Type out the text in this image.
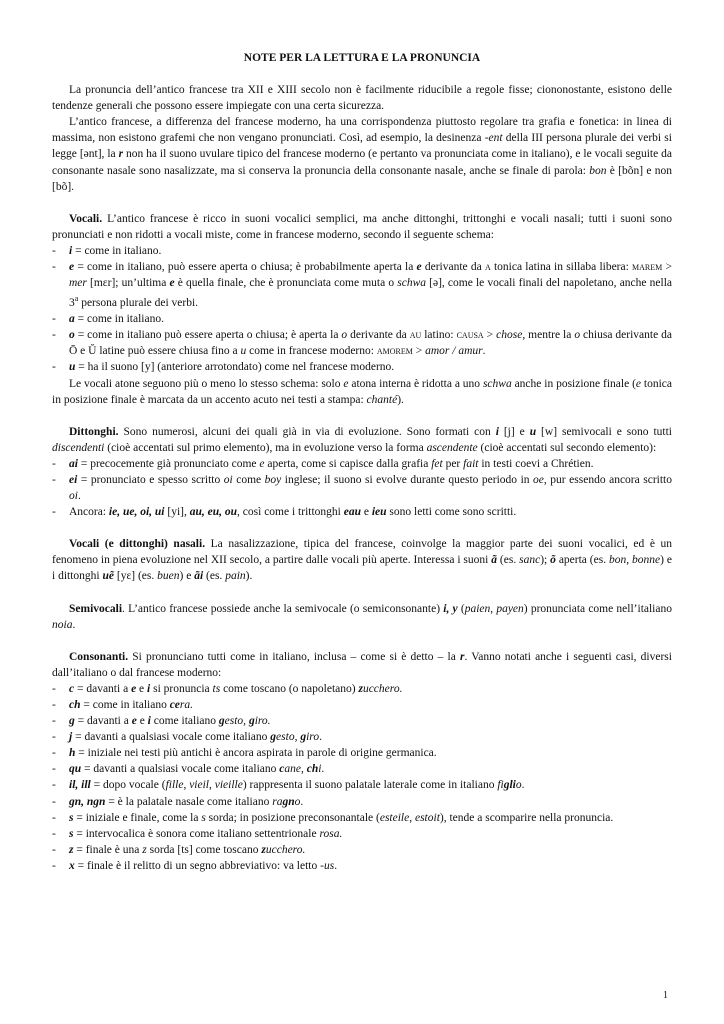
NOTE PER LA LETTURA E LA PRONUNCIA

La pronuncia dell’antico francese tra XII e XIII secolo non è facilmente riducibile a regole fisse; ciononostante, esistono delle tendenze generali che possono essere impiegate con una certa sicurezza.

L’antico francese, a differenza del francese moderno, ha una corrispondenza piuttosto regolare tra grafia e fonetica: in linea di massima, non esistono grafemi che non vengano pronunciati. Così, ad esempio, la desinenza -ent della III persona plurale dei verbi si legge [ənt], la r non ha il suono uvulare tipico del francese moderno (e pertanto va pronunciata come in italiano), e le vocali seguite da consonante nasale sono nasalizzate, ma si conserva la pronuncia della consonante nasale, anche se finale di parola: bon è [bõn] e non [bõ].

Vocali. L’antico francese è ricco in suoni vocalici semplici, ma anche dittonghi, trittonghi e vocali nasali; tutti i suoni sono pronunciati e non ridotti a vocali miste, come in francese moderno, secondo il seguente schema:

- i = come in italiano.
- e = come in italiano, può essere aperta o chiusa; è probabilmente aperta la e derivante da a tonica latina in sillaba libera: marem > mer [mɛr]; un’ultima e è quella finale, che è pronunciata come muta o schwa [ə], come le vocali finali del napoletano, anche nella 3$^a$ persona plurale dei verbi.
- a = come in italiano.
- o = come in italiano può essere aperta o chiusa; è aperta la o derivante da au latino: causa > chose, mentre la o chiusa derivante da Ō e Ŭ latine può essere chiusa fino a u come in francese moderno: amorem > amor / amur.
- u = ha il suono [y] (anteriore arrotondato) come nel francese moderno.

Le vocali atone seguono più o meno lo stesso schema: solo e atona interna è ridotta a uno schwa anche in posizione finale (e tonica in posizione finale è marcata da un accento acuto nei testi a stampa: chanté).

Dittonghi. Sono numerosi, alcuni dei quali già in via di evoluzione. Sono formati con i [j] e u [w] semivocali e sono tutti discendenti (cioè accentati sul primo elemento), ma in evoluzione verso la forma ascendente (cioè accentati sul secondo elemento):

- ai = precocemente già pronunciato come e aperta, come si capisce dalla grafia fet per fait in testi coevi a Chrétien.
- ei = pronunciato e spesso scritto oi come boy inglese; il suono si evolve durante questo periodo in oe, pur essendo ancora scritto oi.
- Ancora: ie, ue, oi, ui [yi], au, eu, ou, così come i trittonghi eau e ieu sono letti come sono scritti.

Vocali (e dittonghi) nasali. La nasalizzazione, tipica del francese, coinvolge la maggior parte dei suoni vocalici, ed è un fenomeno in piena evoluzione nel XII secolo, a partire dalle vocali più aperte. Interessa i suoni ã (es. sanc); õ aperta (es. bon, bonne) e i dittonghi uẽ [yɛ] (es. buen) e ãi (es. pain).

Semivocali. L’antico francese possiede anche la semivocale (o semiconsonante) i, y (paien, payen) pronunciata come nell’italiano noia.

Consonanti. Si pronunciano tutti come in italiano, inclusa – come si è detto – la r. Vanno notati anche i seguenti casi, diversi dall’italiano o dal francese moderno:

- c = davanti a e e i si pronuncia ts come toscano (o napoletano) zucchero.
- ch = come in italiano cera.
- g = davanti a e e i come italiano gesto, giro.
- j = davanti a qualsiasi vocale come italiano gesto, giro.
- h = iniziale nei testi più antichi è ancora aspirata in parole di origine germanica.
- qu = davanti a qualsiasi vocale come italiano cane, chi.
- il, ill = dopo vocale (fille, vieil, vieille) rappresenta il suono palatale laterale come in italiano figlio.
- gn, ngn = è la palatale nasale come italiano ragno.
- s = iniziale e finale, come la s sorda; in posizione preconsonantale (esteile, estoit), tende a scomparire nella pronuncia.
- s = intervocalica è sonora come italiano settentrionale rosa.
- z = finale è una z sorda [ts] come toscano zucchero.
- x = finale è il relitto di un segno abbreviativo: va letto -us.
1
